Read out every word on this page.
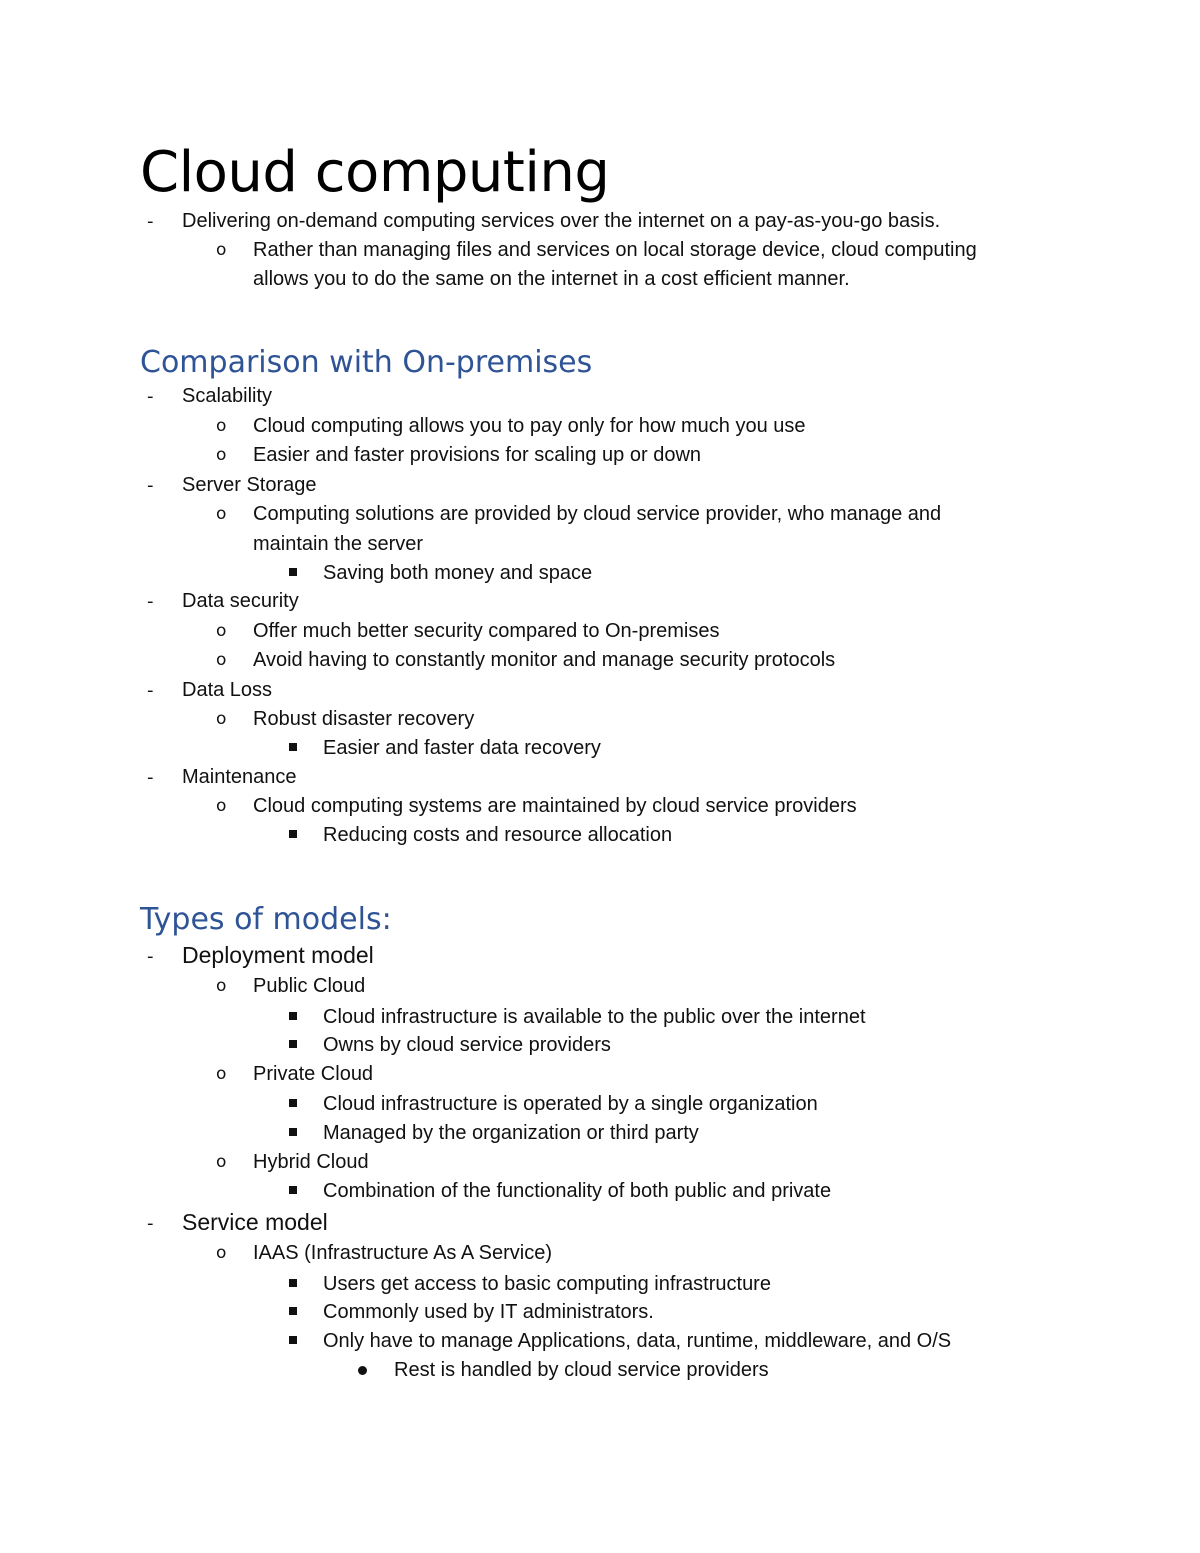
Cloud computing
- Delivering on-demand computing services over the internet on a pay-as-you-go basis.
o Rather than managing files and services on local storage device, cloud computing
allows you to do the same on the internet in a cost efficient manner.
Comparison with On-premises
- Scalability
o Cloud computing allows you to pay only for how much you use
o Easier and faster provisions for scaling up or down
- Server Storage
o Computing solutions are provided by cloud service provider, who manage and
maintain the server
Saving both money and space
- Data security
o Offer much better security compared to On-premises
o Avoid having to constantly monitor and manage security protocols
- Data Loss
o Robust disaster recovery
Easier and faster data recovery
- Maintenance
o Cloud computing systems are maintained by cloud service providers
Reducing costs and resource allocation
Types of models:
- Deployment model
o Public Cloud
Cloud infrastructure is available to the public over the internet
Owns by cloud service providers
o Private Cloud
Cloud infrastructure is operated by a single organization
Managed by the organization or third party
o Hybrid Cloud
Combination of the functionality of both public and private
- Service model
o IAAS (Infrastructure As A Service)
Users get access to basic computing infrastructure
Commonly used by IT administrators.
Only have to manage Applications, data, runtime, middleware, and O/S
Rest is handled by cloud service providers
